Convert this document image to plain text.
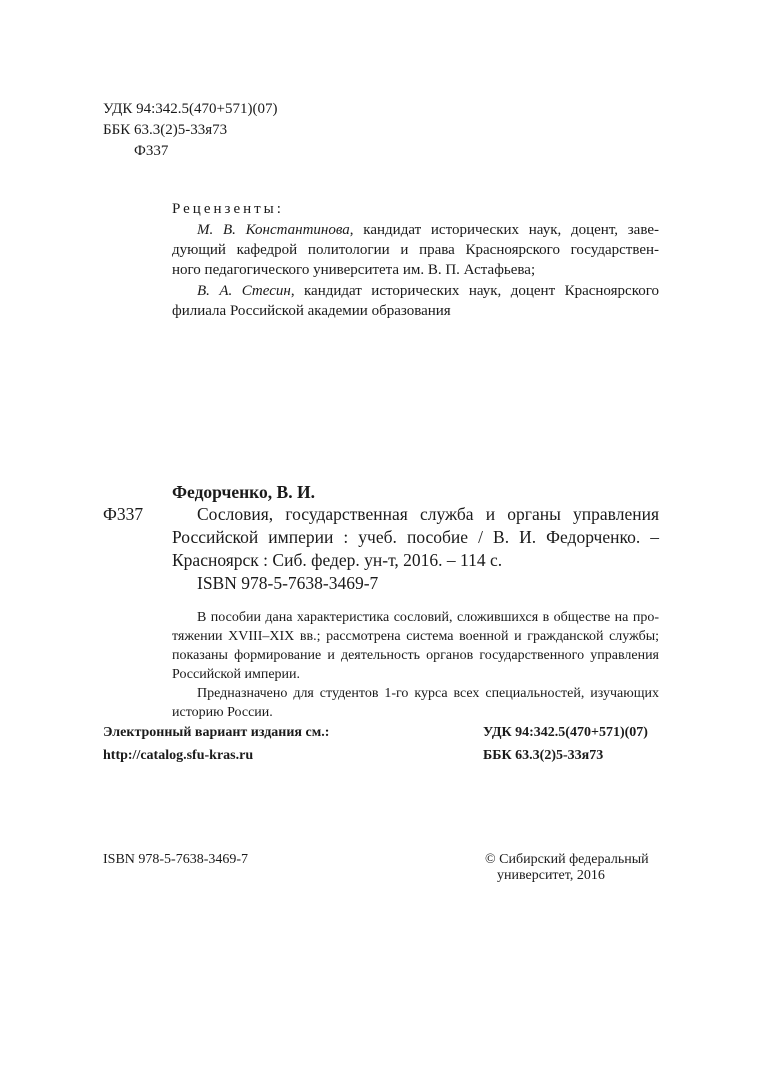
УДК 94:342.5(470+571)(07)
ББК 63.3(2)5-33я73
Ф337
Рецензенты:
М. В. Константинова, кандидат исторических наук, доцент, заве-
дующий кафедрой политологии и права Красноярского государствен-
ного педагогического университета им. В. П. Астафьева;
В. А. Стесин, кандидат исторических наук, доцент Красноярского
филиала Российской академии образования
Федорченко, В. И.
Ф337	Сословия, государственная служба и органы управления
Российской империи : учеб. пособие / В. И. Федорченко. –
Красноярск : Сиб. федер. ун-т, 2016. – 114 с.
ISBN 978-5-7638-3469-7
В пособии дана характеристика сословий, сложившихся в обществе на про-
тяжении XVIII–XIX вв.; рассмотрена система военной и гражданской службы;
показаны формирование и деятельность органов государственного управления
Российской империи.
Предназначено для студентов 1-го курса всех специальностей, изучающих
историю России.
Электронный вариант издания см.:
http://catalog.sfu-kras.ru
УДК 94:342.5(470+571)(07)
ББК 63.3(2)5-33я73
ISBN 978-5-7638-3469-7	© Сибирский федеральный
университет, 2016
